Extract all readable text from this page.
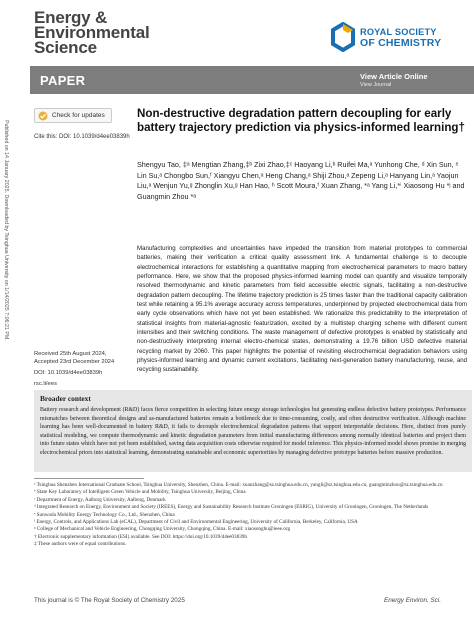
Published on 14 January 2025. Downloaded by Tsinghua University on 1/14/2025 7:06:21 PM.
Energy &
Environmental
Science
ROYAL SOCIETY
OF CHEMISTRY
PAPER	View Article Online
View Journal
Check for updates
Cite this: DOI: 10.1039/d4ee03839h
Non-destructive degradation pattern decoupling for early battery trajectory prediction via physics-informed learning†
Shengyu Tao, ‡ᵃ Mengtian Zhang,‡ᵇ Zixi Zhao,‡ᶜ Haoyang Li,ᵇ Ruifei Ma,ᵃ Yunhong Che, ᵈ Xin Sun, ᵉ Lin Su,ᵃ Chongbo Sun,ᶠ Xiangyu Chen,ᵃ Heng Chang,ᵃ Shiji Zhou,ᵃ Zepeng Li,ᵃ Hanyang Lin,ᵃ Yaojun Liu,ᵃ Wenjun Yu,ᵍ Zhonglin Xu,ᵍ Han Hao, ʰ Scott Moura,ᶠ Xuan Zhang, *ᵃ Yang Li,*ⁱ Xiaosong Hu *ʲ and Guangmin Zhou *ᵃ
Manufacturing complexities and uncertainties have impeded the transition from material prototypes to commercial batteries, making their verification a critical quality assessment link. A fundamental challenge is to decouple electrochemical interactions for establishing a quantitative mapping from electrochemical parameters to macro battery performance. Here, we show that the proposed physics-informed learning model can quantify and visualize temporally resolved thermodynamic and kinetic parameters from field accessible electric signals, facilitating a non-destructive degradation pattern decoupling. The lifetime trajectory prediction is 25 times faster than the traditional capacity calibration test while retaining a 95.1% average accuracy across temperatures, underpinned by projected electrochemical data from early cycle observations which have not yet been established. We rationalize this predictability to the interpretation of statistical insights from material-agnostic featurization, excited by a multistep charging scheme with different current intensities and their switching conditions. The waste management of defective prototypes is enabled by statistically and non-destructively interpreting internal electro-chemical states, demonstrating a 19.76 billion USD defective material recycling market by 2060. This paper highlights the potential of revisiting electrochemical degradation behaviors using physics-informed learning and dynamic current excitations, facilitating next-generation battery manufacturing, reuse, and recycling sustainability.
Received 25th August 2024,
Accepted 23rd December 2024
DOI: 10.1039/d4ee03839h
rsc.li/ees
Broader context
Battery research and development (R&D) faces fierce competition in selecting future energy storage technologies but generating endless defective battery prototypes. Performance mismatches between theoretical designs and as-manufactured batteries remain a bottleneck due to time-consuming, costly, and often destructive verification. Although machine learning has been well-documented in battery R&D, it fails to decouple electrochemical degradation patterns that support interpretable decisions. Here, distinct from purely statistical modeling, we compute thermodynamic and kinetic degradation parameters from initial manufacturing differences among normally identical batteries and project them into future states which have not yet been established, saving data acquisition costs otherwise required for model inference. This physics-informed model shows promise in merging electrochemical priors into statistical learning, demonstrating sustainable and economic superiorities by managing defective prototype batteries before massive production.
ᵃ Tsinghua Shenzhen International Graduate School, Tsinghua University, Shenzhen, China. E-mail: xuanzhang@sz.tsinghua.edu.cn, yangli@sz.tsinghua.edu.cn, guangminzhou@sz.tsinghua.edu.cn
ᵇ State Key Laboratory of Intelligent Green Vehicle and Mobility, Tsinghua University, Beijing, China
ᶜ Department of Energy, Aalborg University, Aalborg, Denmark
ᵈ Integrated Research on Energy, Environment and Society (IREES), Energy and Sustainability Research Institute Groningen (ESRIG), University of Groningen, Groningen, The Netherlands
ᵉ Sunwoda Mobility Energy Technology Co., Ltd., Shenzhen, China
ᶠ Energy, Controls, and Applications Lab (eCAL), Department of Civil and Environmental Engineering, University of California, Berkeley, California, USA
ᵍ College of Mechanical and Vehicle Engineering, Chongqing University, Chongqing, China. E-mail: xiaosonghu@ieee.org
† Electronic supplementary information (ESI) available. See DOI: https://doi.org/10.1039/d4ee03839h
‡ These authors were of equal contributions.
This journal is © The Royal Society of Chemistry 2025	Energy Environ. Sci.
